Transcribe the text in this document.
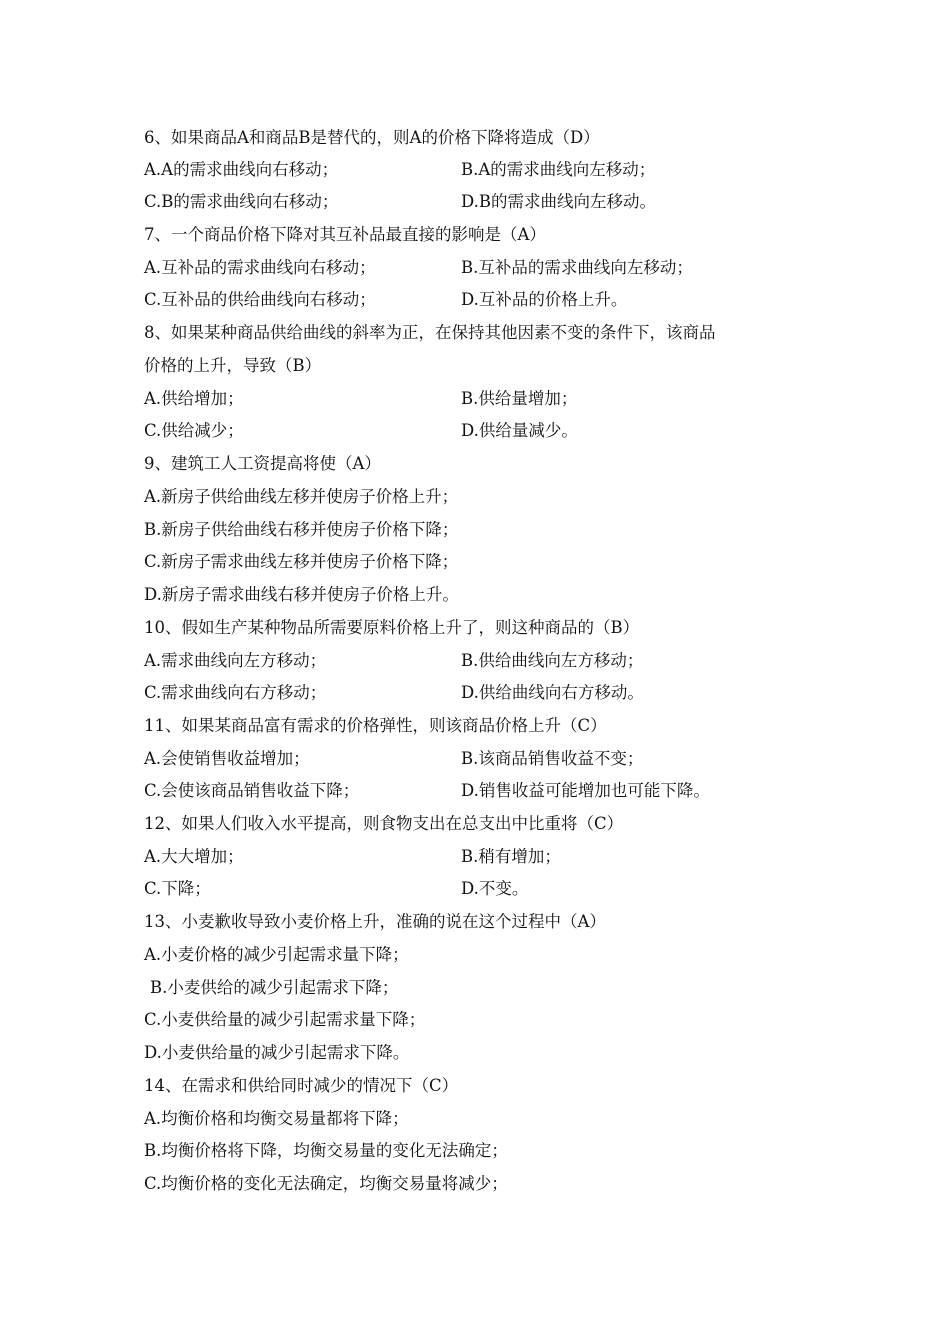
6、如果商品A和商品B是替代的，则A的价格下降将造成（D）
A.A的需求曲线向右移动；	B.A的需求曲线向左移动；
C.B的需求曲线向右移动；	D.B的需求曲线向左移动。
7、一个商品价格下降对其互补品最直接的影响是（A）
A.互补品的需求曲线向右移动；	B.互补品的需求曲线向左移动；
C.互补品的供给曲线向右移动；	D.互补品的价格上升。
8、如果某种商品供给曲线的斜率为正，在保持其他因素不变的条件下，该商品
价格的上升，导致（B）
A.供给增加；	B.供给量增加；
C.供给减少；	D.供给量减少。
9、建筑工人工资提高将使（A）
A.新房子供给曲线左移并使房子价格上升；
B.新房子供给曲线右移并使房子价格下降；
C.新房子需求曲线左移并使房子价格下降；
D.新房子需求曲线右移并使房子价格上升。
10、假如生产某种物品所需要原料价格上升了，则这种商品的（B）
A.需求曲线向左方移动；	B.供给曲线向左方移动；
C.需求曲线向右方移动；	D.供给曲线向右方移动。
11、如果某商品富有需求的价格弹性，则该商品价格上升（C）
A.会使销售收益增加；	B.该商品销售收益不变；
C.会使该商品销售收益下降；	D.销售收益可能增加也可能下降。
12、如果人们收入水平提高，则食物支出在总支出中比重将（C）
A.大大增加；	B.稍有增加；
C.下降；	D.不变。
13、小麦歉收导致小麦价格上升，准确的说在这个过程中（A）
A.小麦价格的减少引起需求量下降；
B.小麦供给的减少引起需求下降；
C.小麦供给量的减少引起需求量下降；
D.小麦供给量的减少引起需求下降。
14、在需求和供给同时减少的情况下（C）
A.均衡价格和均衡交易量都将下降；
B.均衡价格将下降，均衡交易量的变化无法确定；
C.均衡价格的变化无法确定，均衡交易量将减少；
